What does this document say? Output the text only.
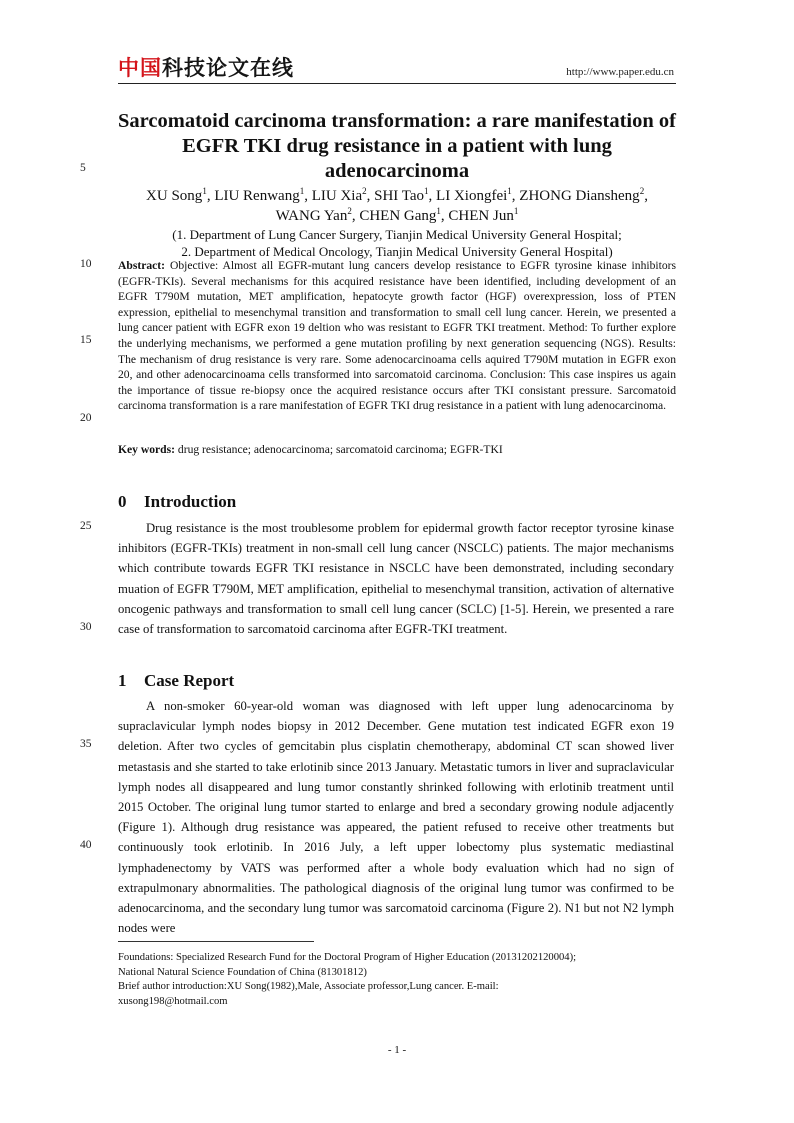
中国科技论文在线	http://www.paper.edu.cn
Sarcomatoid carcinoma transformation: a rare manifestation of EGFR TKI drug resistance in a patient with lung adenocarcinoma

XU Song$^1$, LIU Renwang$^1$, LIU Xia$^2$, SHI Tao$^1$, LI Xiongfei$^1$, ZHONG Diansheng$^2$,
WANG Yan$^2$, CHEN Gang$^1$, CHEN Jun$^1$

(1. Department of Lung Cancer Surgery, Tianjin Medical University General Hospital;
2. Department of Medical Oncology, Tianjin Medical University General Hospital)

Abstract: Objective: Almost all EGFR-mutant lung cancers develop resistance to EGFR tyrosine kinase inhibitors (EGFR-TKIs). Several mechanisms for this acquired resistance have been identified, including development of an EGFR T790M mutation, MET amplification, hepatocyte growth factor (HGF) overexpression, loss of PTEN expression, epithelial to mesenchymal transition and transformation to small cell lung cancer. Herein, we presented a lung cancer patient with EGFR exon 19 deltion who was resistant to EGFR TKI treatment. Method: To further explore the underlying mechanisms, we performed a gene mutation profiling by next generation sequencing (NGS). Results: The mechanism of drug resistance is very rare. Some adenocarcinoama cells aquired T790M mutation in EGFR exon 20, and other adenocarcinoama cells transformed into sarcomatoid carcinoma. Conclusion: This case inspires us again the importance of tissue re-biopsy once the acquired resistance occurs after TKI consistant pressure. Sarcomatoid carcinoma transformation is a rare manifestation of EGFR TKI drug resistance in a patient with lung adenocarcinoma.

Key words: drug resistance; adenocarcinoma; sarcomatoid carcinoma; EGFR-TKI

0 Introduction

Drug resistance is the most troublesome problem for epidermal growth factor receptor tyrosine kinase inhibitors (EGFR-TKIs) treatment in non-small cell lung cancer (NSCLC) patients. The major mechanisms which contribute towards EGFR TKI resistance in NSCLC have been demonstrated, including secondary muation of EGFR T790M, MET amplification, epithelial to mesenchymal transition, activation of alternative oncogenic pathways and transformation to small cell lung cancer (SCLC) [1-5]. Herein, we presented a rare case of transformation to sarcomatoid carcinoma after EGFR-TKI treatment.

1 Case Report

A non-smoker 60-year-old woman was diagnosed with left upper lung adenocarcinoma by supraclavicular lymph nodes biopsy in 2012 December. Gene mutation test indicated EGFR exon 19 deletion. After two cycles of gemcitabin plus cisplatin chemotherapy, abdominal CT scan showed liver metastasis and she started to take erlotinib since 2013 January. Metastatic tumors in liver and supraclavicular lymph nodes all disappeared and lung tumor constantly shrinked following with erlotinib treatment until 2015 October. The original lung tumor started to enlarge and bred a secondary growing nodule adjacently (Figure 1). Although drug resistance was appeared, the patient refused to receive other treatments but continuously took erlotinib. In 2016 July, a left upper lobectomy plus systematic mediastinal lymphadenectomy by VATS was performed after a whole body evaluation which had no sign of extrapulmonary abnormalities. The pathological diagnosis of the original lung tumor was confirmed to be adenocarcinoma, and the secondary lung tumor was sarcomatoid carcinoma (Figure 2). N1 but not N2 lymph nodes were

5
10
15
20
25
30
35
40

Foundations: Specialized Research Fund for the Doctoral Program of Higher Education (20131202120004);
National Natural Science Foundation of China (81301812)
Brief author introduction:XU Song(1982),Male, Associate professor,Lung cancer. E-mail:
xusong198@hotmail.com

- 1 -
